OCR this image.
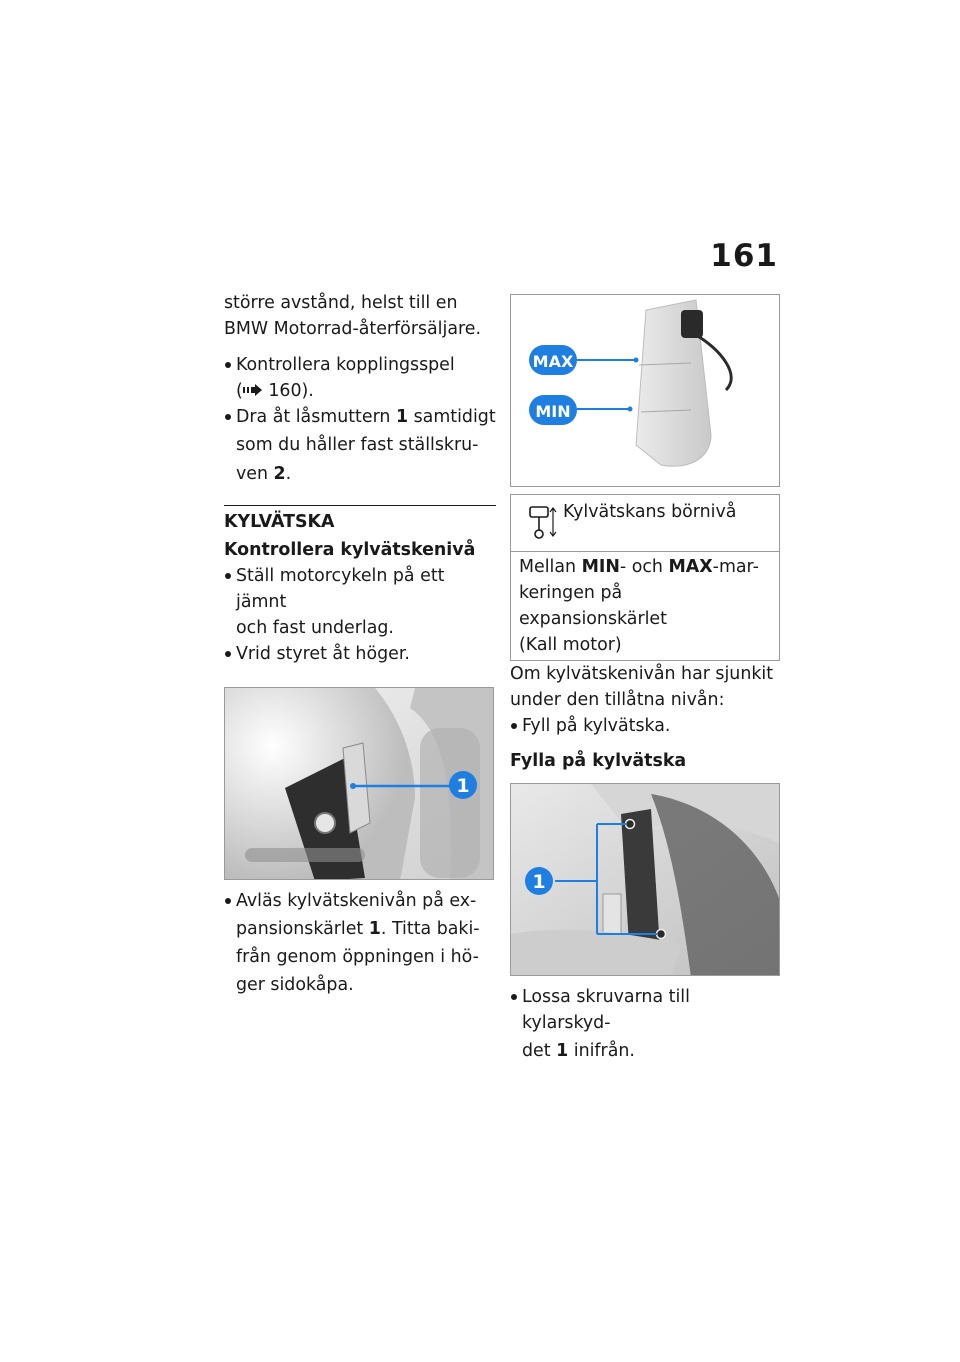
161

större avstånd, helst till en

BMW Motorrad-återförsäljare.

Kontrollera kopplingsspel

( 160).

Dra åt låsmuttern 1 samtidigt

som du håller fast ställskru-

ven 2.

KYLVÄTSKA

Kontrollera kylvätskenivå

Ställ motorcykeln på ett jämnt

och fast underlag.

Vrid styret åt höger.

1

Avläs kylvätskenivån på ex-

pansionskärlet 1. Titta baki-

från genom öppningen i hö-

ger sidokåpa.

MAX
MIN
Kylvätskans börnivå
Mellan MIN- och MAX-mar-
keringen på expansionskärlet
(Kall motor)

Om kylvätskenivån har sjunkit

under den tillåtna nivån:

Fyll på kylvätska.

Fylla på kylvätska

1

Lossa skruvarna till kylarskyd-

det 1 inifrån.
